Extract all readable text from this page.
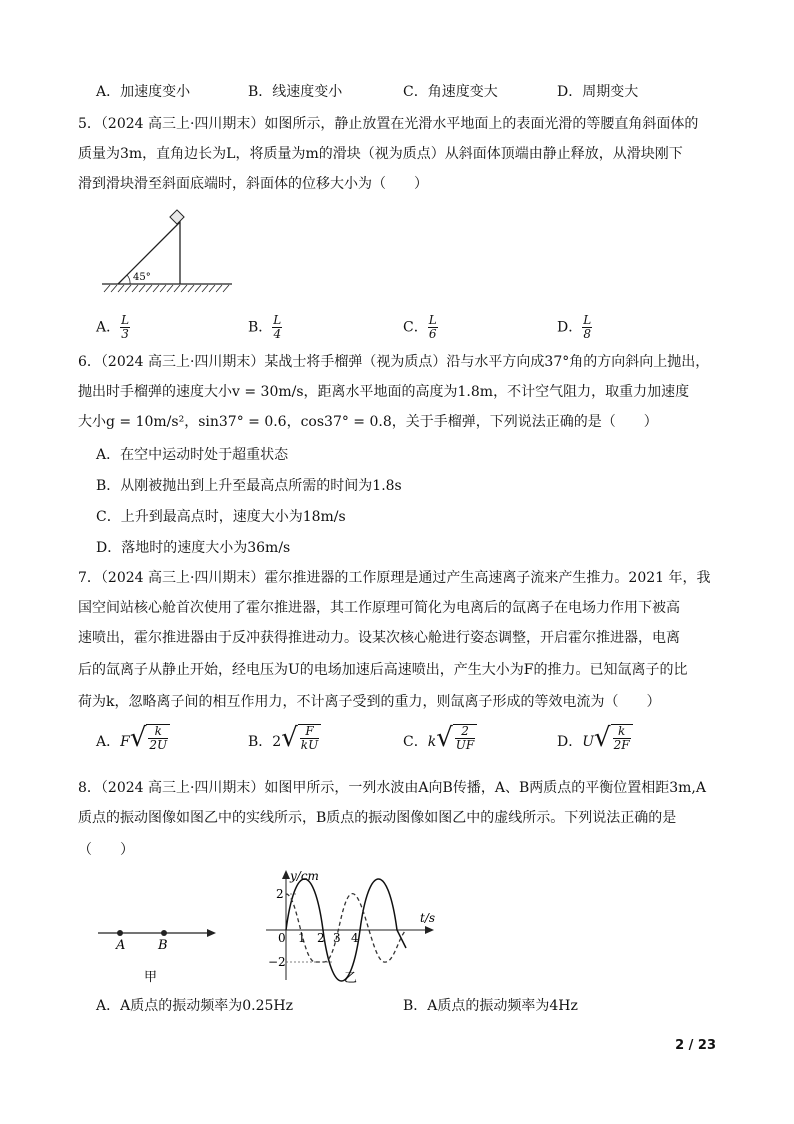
A．加速度变小	B．线速度变小	C．角速度变大	D．周期变大
5．（2024 高三上·四川期末）如图所示，静止放置在光滑水平地面上的表面光滑的等腰直角斜面体的
质量为3m，直角边长为L，将质量为m的滑块（视为质点）从斜面体顶端由静止释放，从滑块刚下
滑到滑块滑至斜面底端时，斜面体的位移大小为（　　）
45°
A． $\frac{L}{3}$	B． $\frac{L}{4}$	C． $\frac{L}{6}$	D． $\frac{L}{8}$
6．（2024 高三上·四川期末）某战士将手榴弹（视为质点）沿与水平方向成37°角的方向斜向上抛出，
抛出时手榴弹的速度大小v = 30m/s，距离水平地面的高度为1.8m，不计空气阻力，取重力加速度
大小g = 10m/s²，sin37° = 0.6，cos37° = 0.8，关于手榴弹，下列说法正确的是（　　）
A．在空中运动时处于超重状态
B．从刚被抛出到上升至最高点所需的时间为1.8s
C．上升到最高点时，速度大小为18m/s
D．落地时的速度大小为36m/s
7．（2024 高三上·四川期末）霍尔推进器的工作原理是通过产生高速离子流来产生推力。2021 年，我
国空间站核心舱首次使用了霍尔推进器，其工作原理可简化为电离后的氙离子在电场力作用下被高
速喷出，霍尔推进器由于反冲获得推进动力。设某次核心舱进行姿态调整，开启霍尔推进器，电离
后的氙离子从静止开始，经电压为U的电场加速后高速喷出，产生大小为F的推力。已知氙离子的比
荷为k，忽略离子间的相互作用力，不计离子受到的重力，则氙离子形成的等效电流为（　　）
A．F √ $\frac{k}{2U}$	B．2 √ $\frac{F}{kU}$	C．k √ $\frac{2}{UF}$	D．U √ $\frac{k}{2F}$
8．（2024 高三上·四川期末）如图甲所示，一列水波由A向B传播，A、B两质点的平衡位置相距3m,A
质点的振动图像如图乙中的实线所示，B质点的振动图像如图乙中的虚线所示。下列说法正确的是
（　　）
A	B
甲
y/cm
t/s
2
−2
0 1 2 3 4
乙
A．A质点的振动频率为0.25Hz	B．A质点的振动频率为4Hz
2 / 23
